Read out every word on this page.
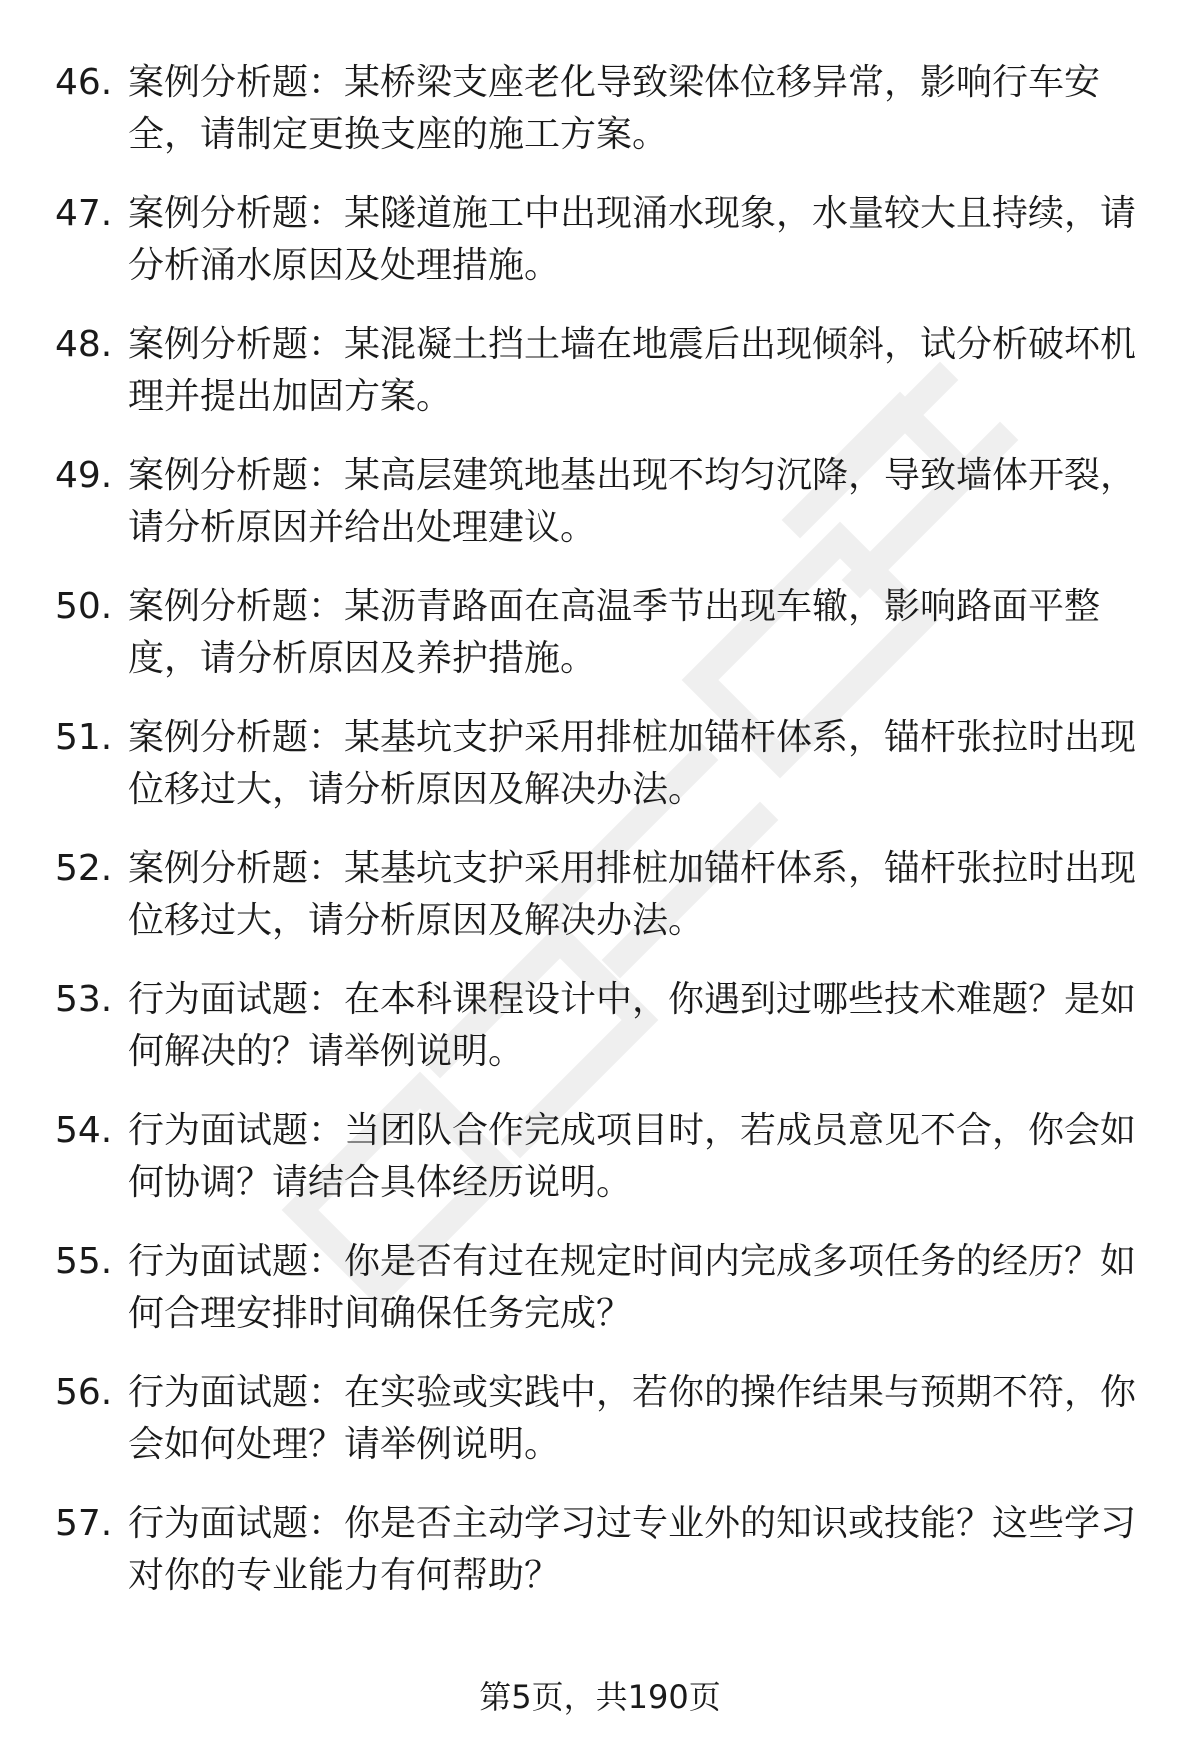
46. 案例分析题：某桥梁支座老化导致梁体位移异常，影响行车安全，请制定更换支座的施工方案。
47. 案例分析题：某隧道施工中出现涌水现象，水量较大且持续，请分析涌水原因及处理措施。
48. 案例分析题：某混凝土挡土墙在地震后出现倾斜，试分析破坏机理并提出加固方案。
49. 案例分析题：某高层建筑地基出现不均匀沉降，导致墙体开裂，请分析原因并给出处理建议。
50. 案例分析题：某沥青路面在高温季节出现车辙，影响路面平整度，请分析原因及养护措施。
51. 案例分析题：某基坑支护采用排桩加锚杆体系，锚杆张拉时出现位移过大，请分析原因及解决办法。
52. 案例分析题：某基坑支护采用排桩加锚杆体系，锚杆张拉时出现位移过大，请分析原因及解决办法。
53. 行为面试题：在本科课程设计中，你遇到过哪些技术难题？是如何解决的？请举例说明。
54. 行为面试题：当团队合作完成项目时，若成员意见不合，你会如何协调？请结合具体经历说明。
55. 行为面试题：你是否有过在规定时间内完成多项任务的经历？如何合理安排时间确保任务完成？
56. 行为面试题：在实验或实践中，若你的操作结果与预期不符，你会如何处理？请举例说明。
57. 行为面试题：你是否主动学习过专业外的知识或技能？这些学习对你的专业能力有何帮助？
第5页，共190页
